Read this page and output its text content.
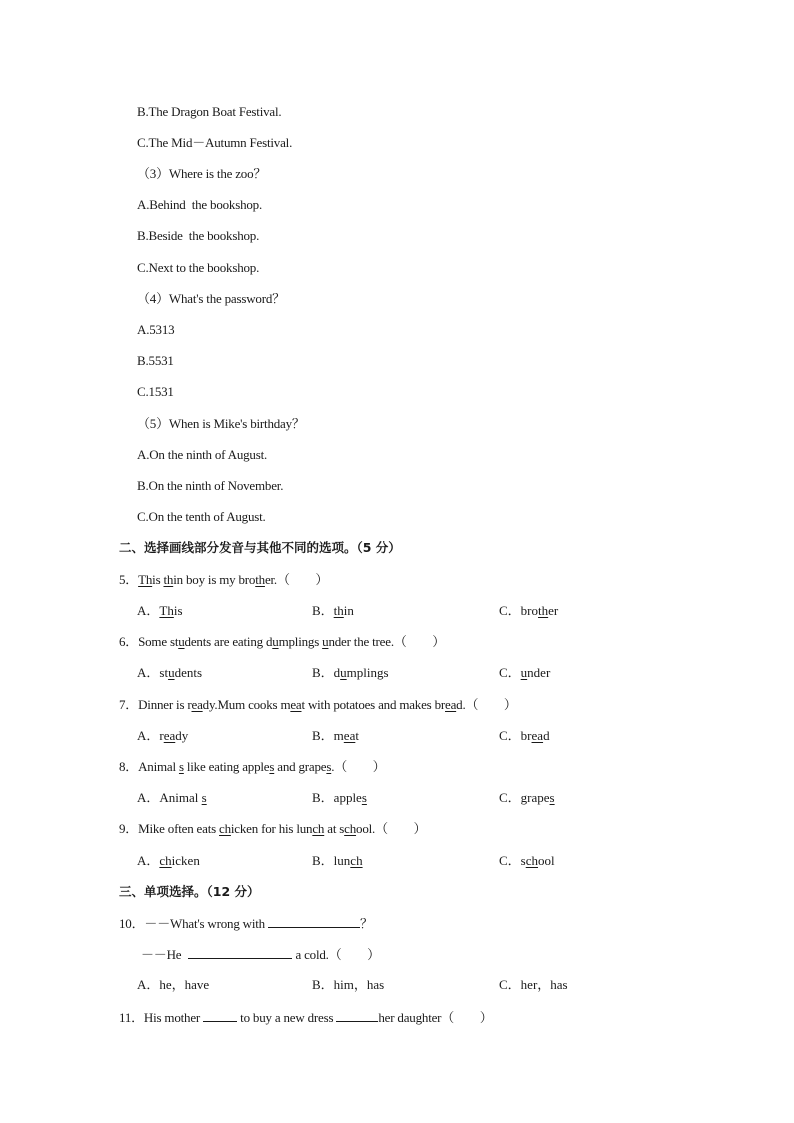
B.The Dragon Boat Festival.
C.The Mid－Autumn Festival.
（3）Where is the zoo？
A.Behind  the bookshop.
B.Beside  the bookshop.
C.Next to the bookshop.
（4）What's the password？
A.5313
B.5531
C.1531
（5）When is Mike's birthday？
A.On the ninth of August.
B.On the ninth of November.
C.On the tenth of August.
二、选择画线部分发音与其他不同的选项。（5 分）
5．This thin boy is my brother.（　　）
A．This	B．thin	C．brother
6．Some students are eating dumplings under the tree.（　　）
A．students	B．dumplings	C．under
7．Dinner is ready.Mum cooks meat with potatoes and makes bread.（　　）
A．ready	B．meat	C．bread
8．Animal s like eating apples and grapes.（　　）
A．Animal s	B．apples	C．grapes
9．Mike often eats chicken for his lunch at school.（　　）
A．chicken	B．lunch	C．school
三、单项选择。（12 分）
10．－－What's wrong with	？
－－He	a cold.（　　）
A．he，have	B．him，has	C．her，has
11．His mother	to buy a new dress	her daughter（　　）
